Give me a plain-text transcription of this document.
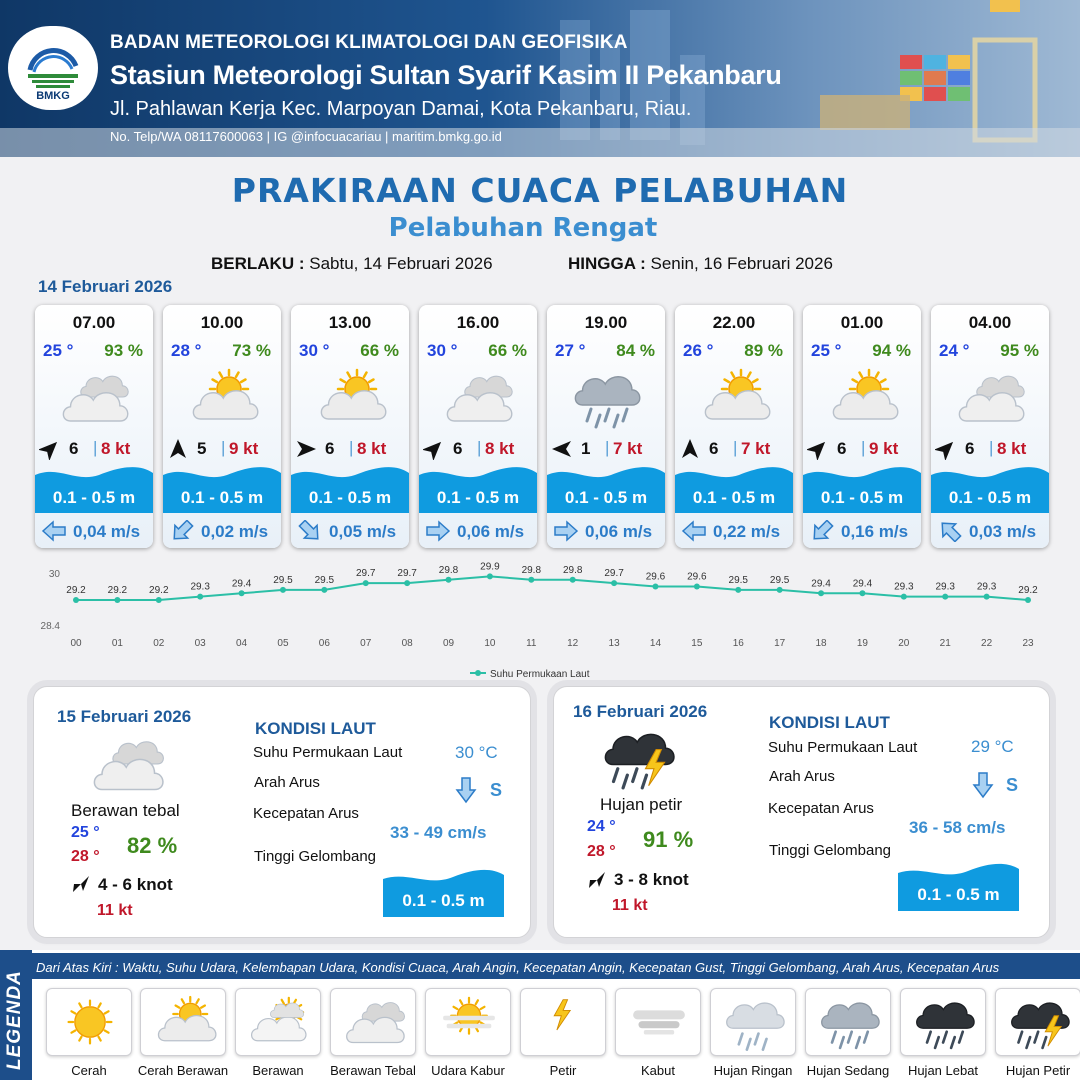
BMKG
BADAN METEOROLOGI KLIMATOLOGI DAN GEOFISIKA
Stasiun Meteorologi Sultan Syarif Kasim II Pekanbaru
Jl. Pahlawan Kerja Kec. Marpoyan Damai, Kota Pekanbaru, Riau.
No. Telp/WA 08117600063 | IG @infocuacariau | maritim.bmkg.go.id
PRAKIRAAN CUACA PELABUHAN
Pelabuhan Rengat
BERLAKU : Sabtu, 14 Februari 2026	HINGGA : Senin, 16 Februari 2026
14 Februari 2026
07.00
25 ° 93 %
6 | 8 kt
0.1 - 0.5 m
0,04 m/s
10.00
28 ° 73 %
5 | 9 kt
0.1 - 0.5 m
0,02 m/s
13.00
30 ° 66 %
6 | 8 kt
0.1 - 0.5 m
0,05 m/s
16.00
30 ° 66 %
6 | 8 kt
0.1 - 0.5 m
0,06 m/s
19.00
27 ° 84 %
1 | 7 kt
0.1 - 0.5 m
0,06 m/s
22.00
26 ° 89 %
6 | 7 kt
0.1 - 0.5 m
0,22 m/s
01.00
25 ° 94 %
6 | 9 kt
0.1 - 0.5 m
0,16 m/s
04.00
24 ° 95 %
6 | 8 kt
0.1 - 0.5 m
0,03 m/s
30
28.4
29.2
00
29.2
01
29.2
02
29.3
03
29.4
04
29.5
05
29.5
06
29.7
07
29.7
08
29.8
09
29.9
10
29.8
11
29.8
12
29.7
13
29.6
14
29.6
15
29.5
16
29.5
17
29.4
18
29.4
19
29.3
20
29.3
21
29.3
22
29.2
23
Suhu Permukaan Laut
15 Februari 2026
Berawan tebal
25 °
28 ° 82 %
4 - 6 knot
11 kt
KONDISI LAUT
Suhu Permukaan Laut	30 °C
Arah Arus	S
Kecepatan Arus
33 - 49 cm/s
Tinggi Gelombang
0.1 - 0.5 m
16 Februari 2026
Hujan petir
24 °
28 ° 91 %
3 - 8 knot
11 kt
KONDISI LAUT
Suhu Permukaan Laut	29 °C
Arah Arus	S
Kecepatan Arus
36 - 58 cm/s
Tinggi Gelombang
0.1 - 0.5 m
LEGENDA
Dari Atas Kiri : Waktu, Suhu Udara, Kelembapan Udara, Kondisi Cuaca, Arah Angin, Kecepatan Angin, Kecepatan Gust, Tinggi Gelombang, Arah Arus, Kecepatan Arus
Cerah	Cerah Berawan	Berawan	Berawan Tebal	Udara Kabur	Petir	Kabut	Hujan Ringan	Hujan Sedang	Hujan Lebat	Hujan Petir
